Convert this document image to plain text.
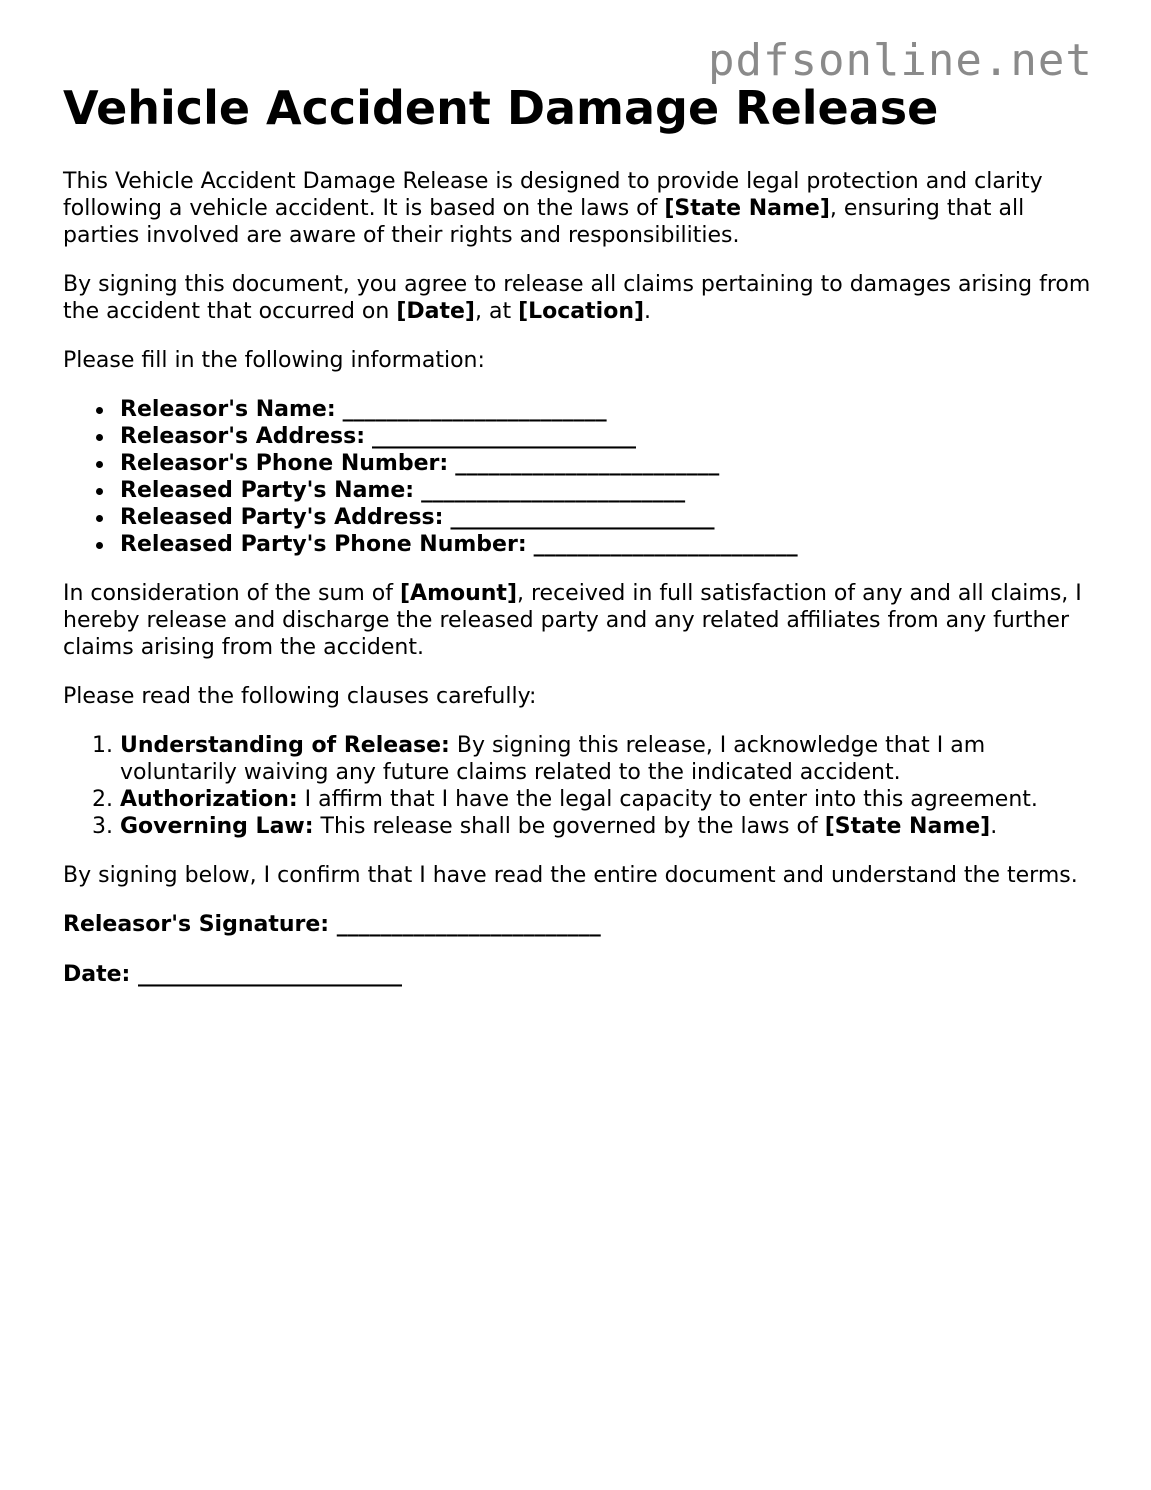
pdfsonline.net
Vehicle Accident Damage Release

This Vehicle Accident Damage Release is designed to provide legal protection and clarity following a vehicle accident. It is based on the laws of [State Name], ensuring that all parties involved are aware of their rights and responsibilities.

By signing this document, you agree to release all claims pertaining to damages arising from the accident that occurred on [Date], at [Location].

Please fill in the following information:

Releasor's Name: ________________________
Releasor's Address: ________________________
Releasor's Phone Number: ________________________
Released Party's Name: ________________________
Released Party's Address: ________________________
Released Party's Phone Number: ________________________

In consideration of the sum of [Amount], received in full satisfaction of any and all claims, I hereby release and discharge the released party and any related affiliates from any further claims arising from the accident.

Please read the following clauses carefully:

1. Understanding of Release: By signing this release, I acknowledge that I am voluntarily waiving any future claims related to the indicated accident.
2. Authorization: I affirm that I have the legal capacity to enter into this agreement.
3. Governing Law: This release shall be governed by the laws of [State Name].

By signing below, I confirm that I have read the entire document and understand the terms.

Releasor's Signature: ________________________

Date: ________________________
